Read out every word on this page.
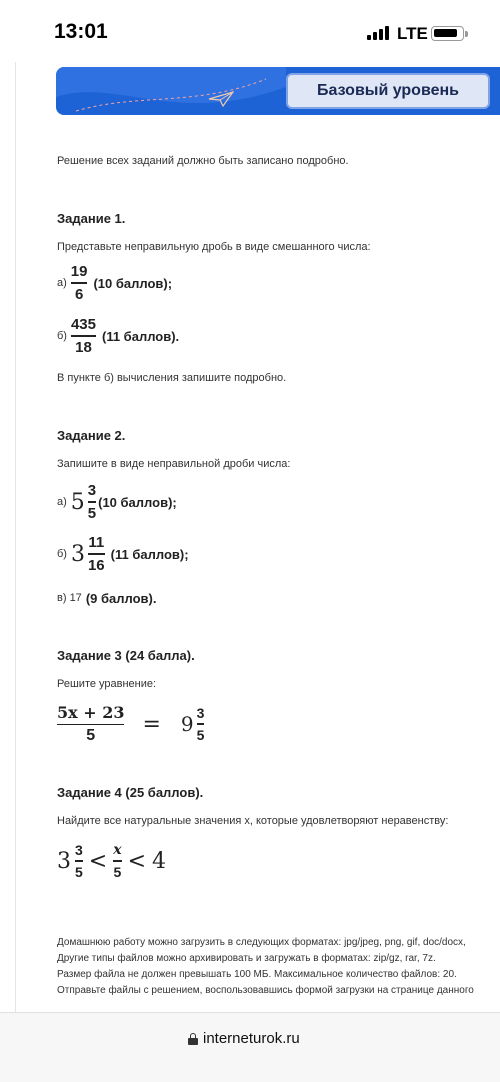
13:01	LTE
Базовый уровень
Решение всех заданий должно быть записано подробно.
Задание 1.
Представьте неправильную дробь в виде смешанного числа:
$а) \frac{19}{6} (10$ баллов);
$б) \frac{435}{18} (11$ баллов).
В пункте б) вычисления запишите подробно.
Задание 2.
Запишите в виде неправильной дроби числа:
а) $5 \frac{3}{5} (10$ баллов);
б) $3 \frac{11}{16} (11$ баллов);
в) 17 (9 баллов).
Задание 3 (24 балла).
Решите уравнение:
$\frac{5x + 23}{5} = 9 \frac{3}{5}$
Задание 4 (25 баллов).
Найдите все натуральные значения x, которые удовлетворяют неравенству:
$3 \frac{3}{5} < \frac{x}{5} < 4$
Домашнюю работу можно загрузить в следующих форматах: jpg/jpeg, png, gif, doc/docx,
Другие типы файлов можно архивировать и загружать в форматах: zip/gz, rar, 7z.
Размер файла не должен превышать 100 МБ. Максимальное количество файлов: 20.
Отправьте файлы с решением, воспользовавшись формой загрузки на странице данного
interneturok.ru
